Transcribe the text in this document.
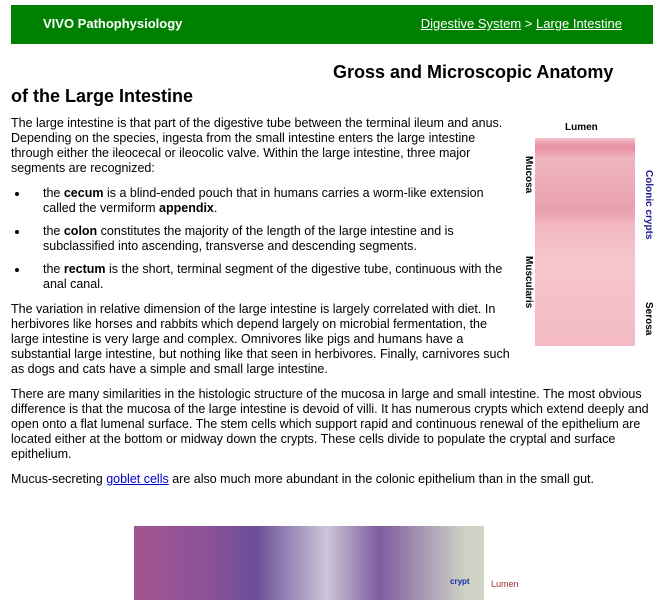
VIVO Pathophysiology	Digestive System > Large Intestine
Gross and Microscopic Anatomy
of the Large Intestine
Lumen
Mucosa
Muscularis
Colonic crypts
Serosa

The large intestine is that part of the digestive tube between the terminal ileum and anus. Depending on the species, ingesta from the small intestine enters the large intestine through either the ileocecal or ileocolic valve. Within the large intestine, three major segments are recognized:

• the cecum is a blind-ended pouch that in humans carries a worm-like extension called the vermiform appendix.
• the colon constitutes the majority of the length of the large intestine and is subclassified into ascending, transverse and descending segments.
• the rectum is the short, terminal segment of the digestive tube, continuous with the anal canal.

The variation in relative dimension of the large intestine is largely correlated with diet. In herbivores like horses and rabbits which depend largely on microbial fermentation, the large intestine is very large and complex. Omnivores like pigs and humans have a substantial large intestine, but nothing like that seen in herbivores. Finally, carnivores such as dogs and cats have a simple and small large intestine.

There are many similarities in the histologic structure of the mucosa in large and small intestine. The most obvious difference is that the mucosa of the large intestine is devoid of villi. It has numerous crypts which extend deeply and open onto a flat lumenal surface. The stem cells which support rapid and continuous renewal of the epithelium are located either at the bottom or midway down the crypts. These cells divide to populate the cryptal and surface epithelium.

Mucus-secreting goblet cells are also much more abundant in the colonic epithelium than in the small gut.

crypt Lumen
